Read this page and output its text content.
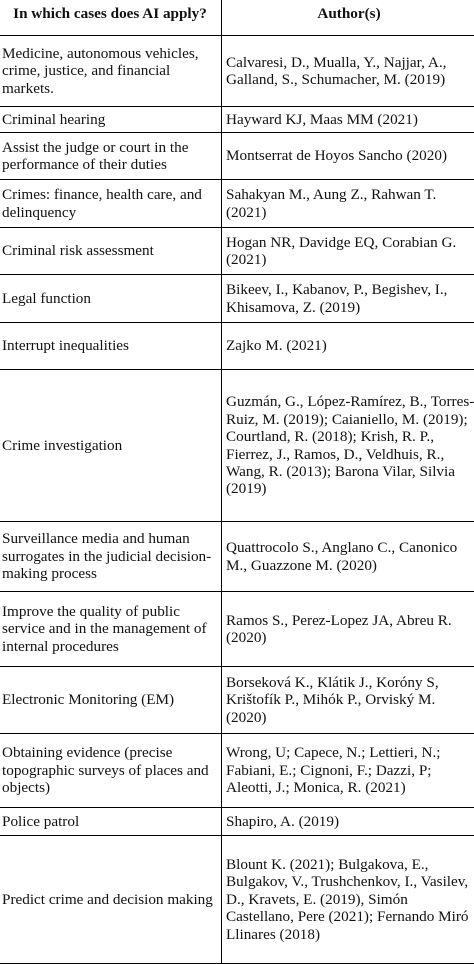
In which cases does AI apply?	Author(s)
Medicine, autonomous vehicles, crime, justice, and financial markets.	Calvaresi, D., Mualla, Y., Najjar, A., Galland, S., Schumacher, M. (2019)
Criminal hearing	Hayward KJ, Maas MM (2021)
Assist the judge or court in the performance of their duties	Montserrat de Hoyos Sancho (2020)
Crimes: finance, health care, and delinquency	Sahakyan M., Aung Z., Rahwan T. (2021)
Criminal risk assessment	Hogan NR, Davidge EQ, Corabian G. (2021)
Legal function	Bikeev, I., Kabanov, P., Begishev, I., Khisamova, Z. (2019)
Interrupt inequalities	Zajko M. (2021)
Crime investigation	Guzmán, G., López-Ramírez, B., Torres-Ruiz, M. (2019); Caianiello, M. (2019); Courtland, R. (2018); Krish, R. P., Fierrez, J., Ramos, D., Veldhuis, R., Wang, R. (2013); Barona Vilar, Silvia (2019)
Surveillance media and human surrogates in the judicial decision-making process	Quattrocolo S., Anglano C., Canonico M., Guazzone M. (2020)
Improve the quality of public service and in the management of internal procedures	Ramos S., Perez-Lopez JA, Abreu R. (2020)
Electronic Monitoring (EM)	Borseková K., Klátik J., Koróny S, Krištofík P., Mihók P., Orviský M. (2020)
Obtaining evidence (precise topographic surveys of places and objects)	Wrong, U; Capece, N.; Lettieri, N.; Fabiani, E.; Cignoni, F.; Dazzi, P; Aleotti, J.; Monica, R. (2021)
Police patrol	Shapiro, A. (2019)
Predict crime and decision making	Blount K. (2021); Bulgakova, E., Bulgakov, V., Trushchenkov, I., Vasilev, D., Kravets, E. (2019), Simón Castellano, Pere (2021); Fernando Miró Llinares (2018)
